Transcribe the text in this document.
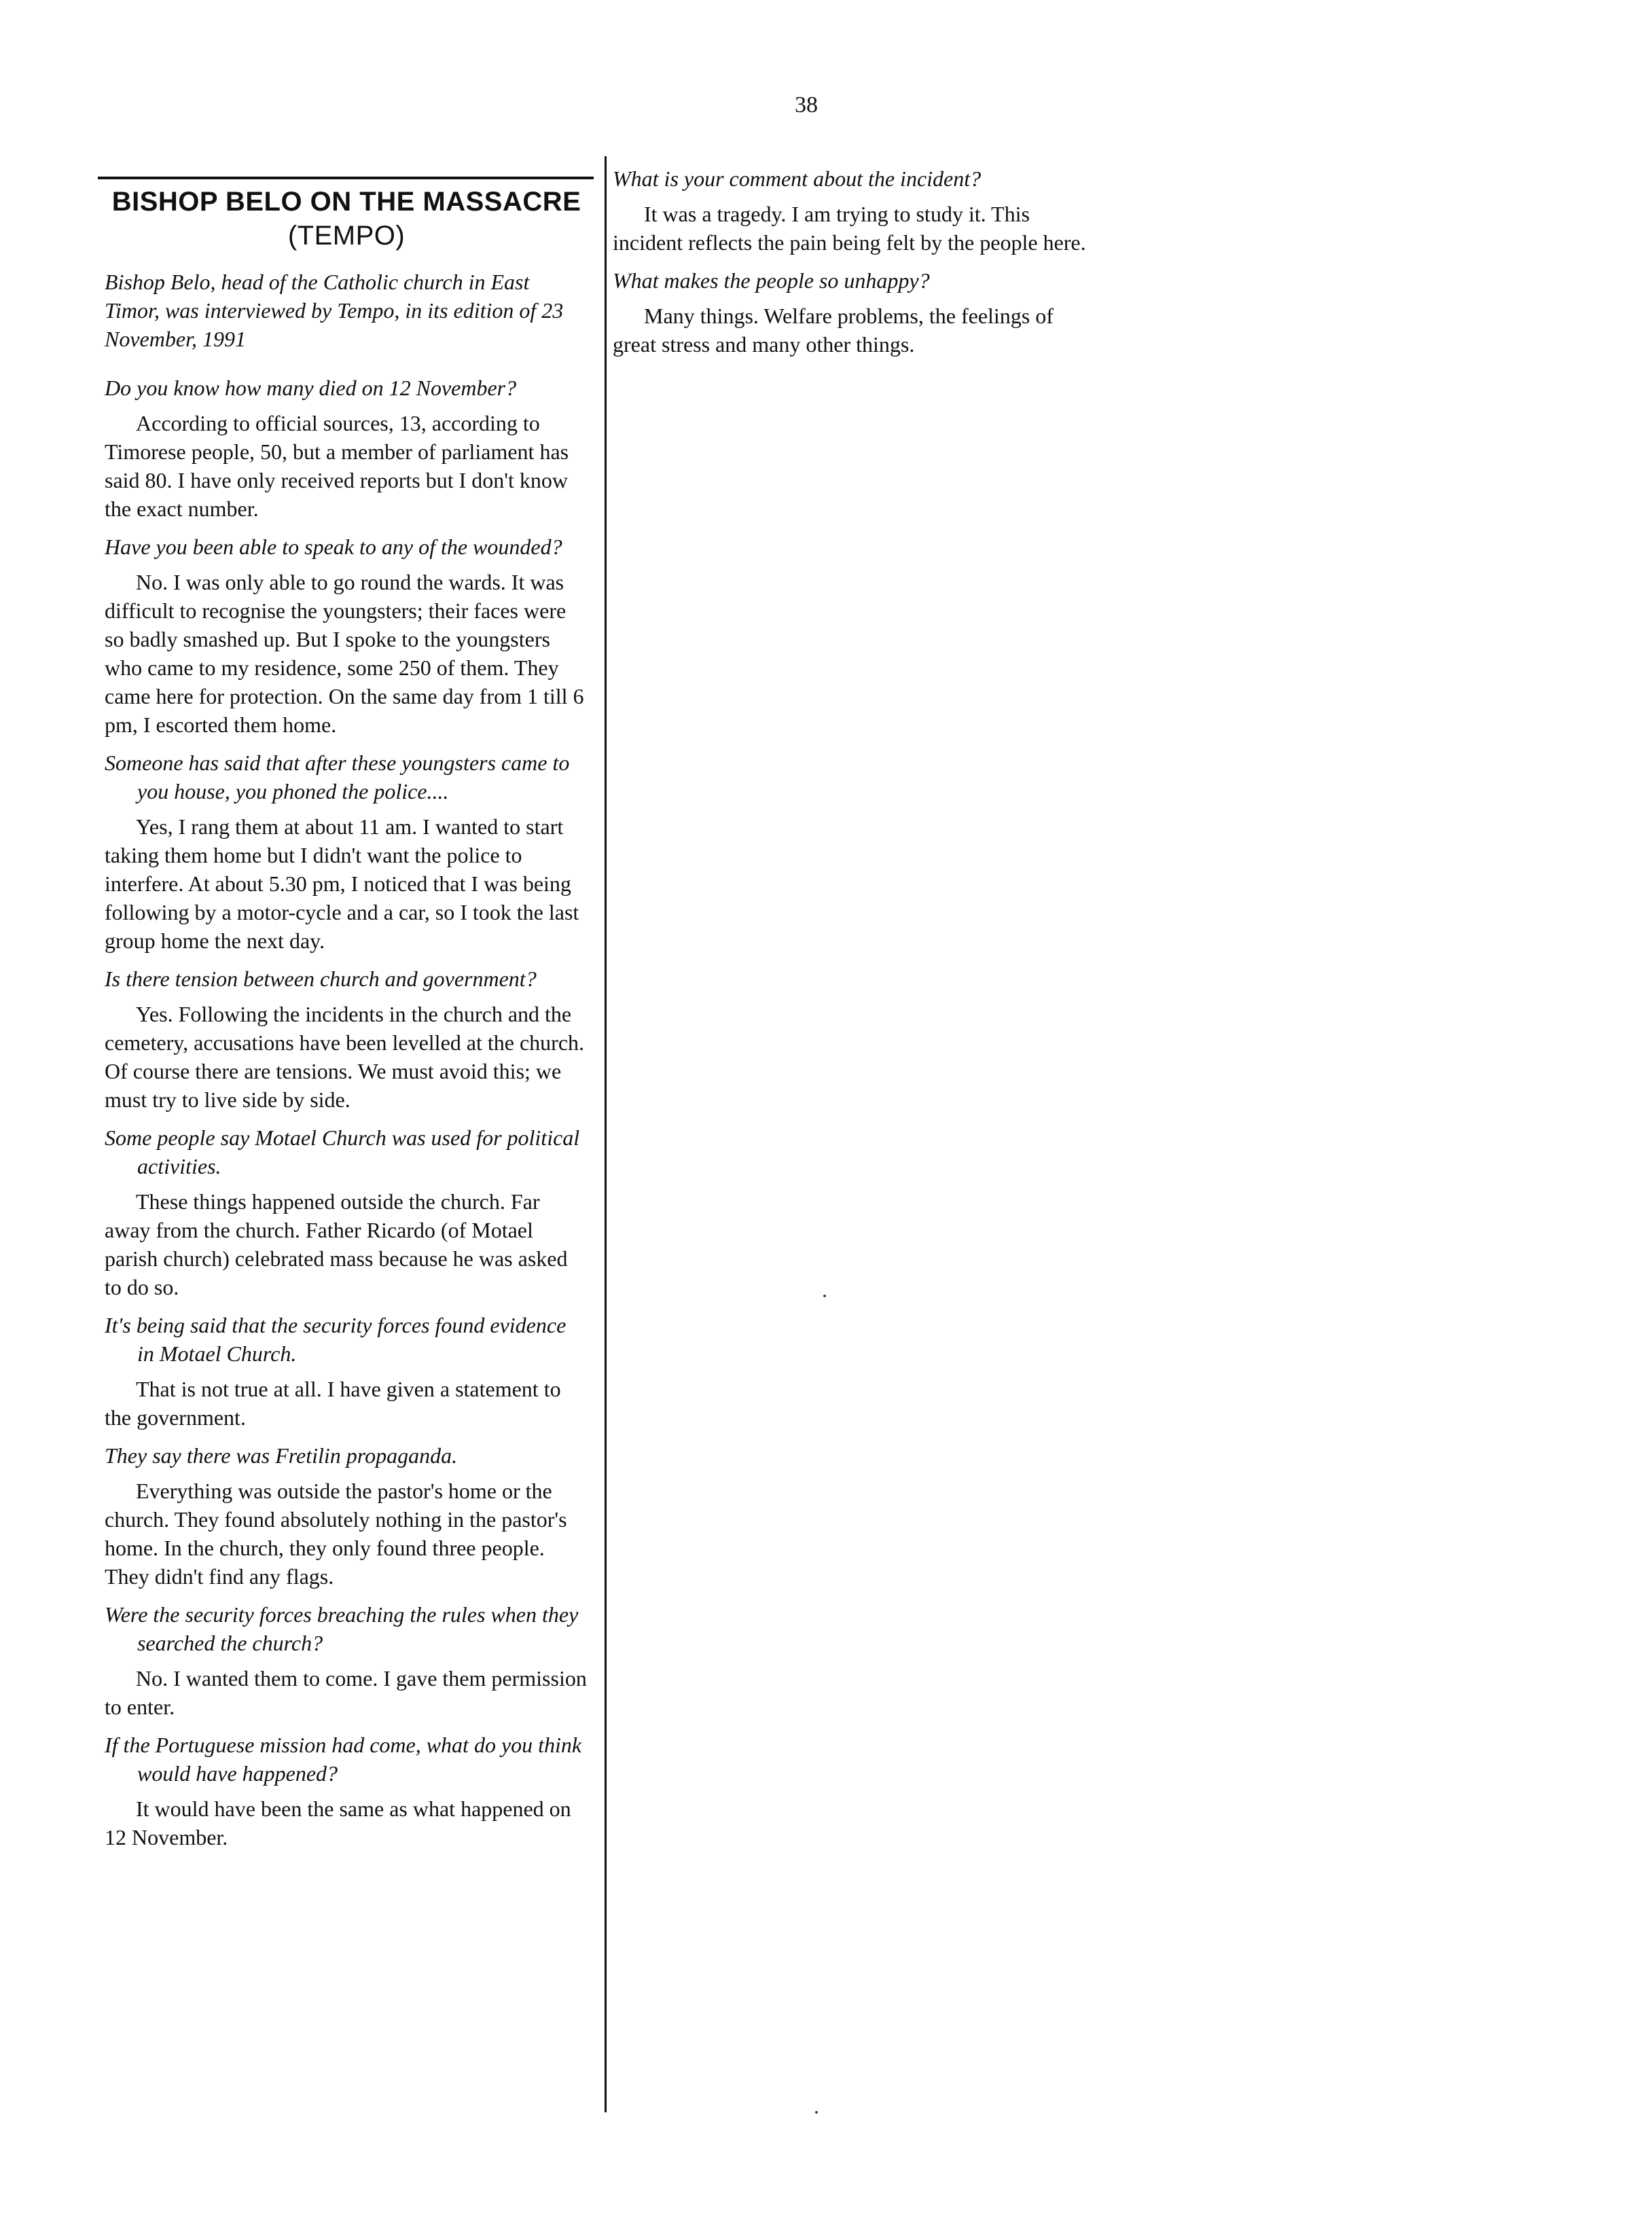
38
BISHOP BELO ON THE MASSACRE (TEMPO)

Bishop Belo, head of the Catholic church in East Timor, was interviewed by Tempo, in its edition of 23 November, 1991

Do you know how many died on 12 November?

According to official sources, 13, according to Timorese people, 50, but a member of parliament has said 80. I have only received reports but I don't know the exact number.

Have you been able to speak to any of the wounded?

No. I was only able to go round the wards. It was difficult to recognise the youngsters; their faces were so badly smashed up. But I spoke to the youngsters who came to my residence, some 250 of them. They came here for protection. On the same day from 1 till 6 pm, I escorted them home.

Someone has said that after these youngsters came to you house, you phoned the police....

Yes, I rang them at about 11 am. I wanted to start taking them home but I didn't want the police to interfere. At about 5.30 pm, I noticed that I was being following by a motor-cycle and a car, so I took the last group home the next day.

Is there tension between church and government?

Yes. Following the incidents in the church and the cemetery, accusations have been levelled at the church. Of course there are tensions. We must avoid this; we must try to live side by side.

Some people say Motael Church was used for political activities.

These things happened outside the church. Far away from the church. Father Ricardo (of Motael parish church) celebrated mass because he was asked to do so.

It's being said that the security forces found evidence in Motael Church.

That is not true at all. I have given a statement to the government.

They say there was Fretilin propaganda.

Everything was outside the pastor's home or the church. They found absolutely nothing in the pastor's home. In the church, they only found three people. They didn't find any flags.

Were the security forces breaching the rules when they searched the church?

No. I wanted them to come. I gave them permission to enter.

If the Portuguese mission had come, what do you think would have happened?

It would have been the same as what happened on 12 November.

What is your comment about the incident?

It was a tragedy. I am trying to study it. This incident reflects the pain being felt by the people here.

What makes the people so unhappy?

Many things. Welfare problems, the feelings of great stress and many other things.
